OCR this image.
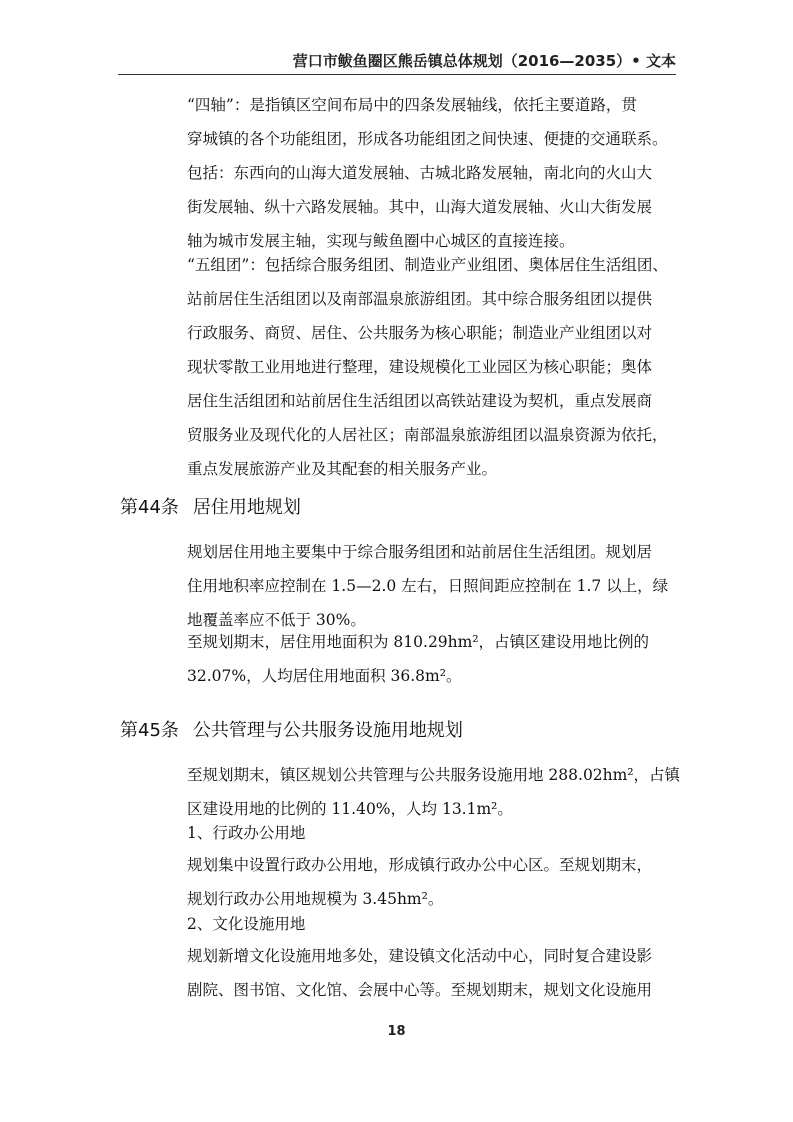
营口市鲅鱼圈区熊岳镇总体规划（2016—2035）• 文本
“四轴”：是指镇区空间布局中的四条发展轴线，依托主要道路，贯
穿城镇的各个功能组团，形成各功能组团之间快速、便捷的交通联系。
包括：东西向的山海大道发展轴、古城北路发展轴，南北向的火山大
街发展轴、纵十六路发展轴。其中，山海大道发展轴、火山大街发展
轴为城市发展主轴，实现与鲅鱼圈中心城区的直接连接。
“五组团”：包括综合服务组团、制造业产业组团、奥体居住生活组团、
站前居住生活组团以及南部温泉旅游组团。其中综合服务组团以提供
行政服务、商贸、居住、公共服务为核心职能；制造业产业组团以对
现状零散工业用地进行整理，建设规模化工业园区为核心职能；奥体
居住生活组团和站前居住生活组团以高铁站建设为契机，重点发展商
贸服务业及现代化的人居社区；南部温泉旅游组团以温泉资源为依托，
重点发展旅游产业及其配套的相关服务产业。
第44条 居住用地规划
规划居住用地主要集中于综合服务组团和站前居住生活组团。规划居
住用地积率应控制在 1.5—2.0 左右，日照间距应控制在 1.7 以上，绿
地覆盖率应不低于 30%。
至规划期末，居住用地面积为 810.29hm²，占镇区建设用地比例的
32.07%，人均居住用地面积 36.8m²。
第45条 公共管理与公共服务设施用地规划
至规划期末，镇区规划公共管理与公共服务设施用地 288.02hm²，占镇
区建设用地的比例的 11.40%，人均 13.1m²。
1、行政办公用地
规划集中设置行政办公用地，形成镇行政办公中心区。至规划期末，
规划行政办公用地规模为 3.45hm²。
2、文化设施用地
规划新增文化设施用地多处，建设镇文化活动中心，同时复合建设影
剧院、图书馆、文化馆、会展中心等。至规划期末，规划文化设施用
18
